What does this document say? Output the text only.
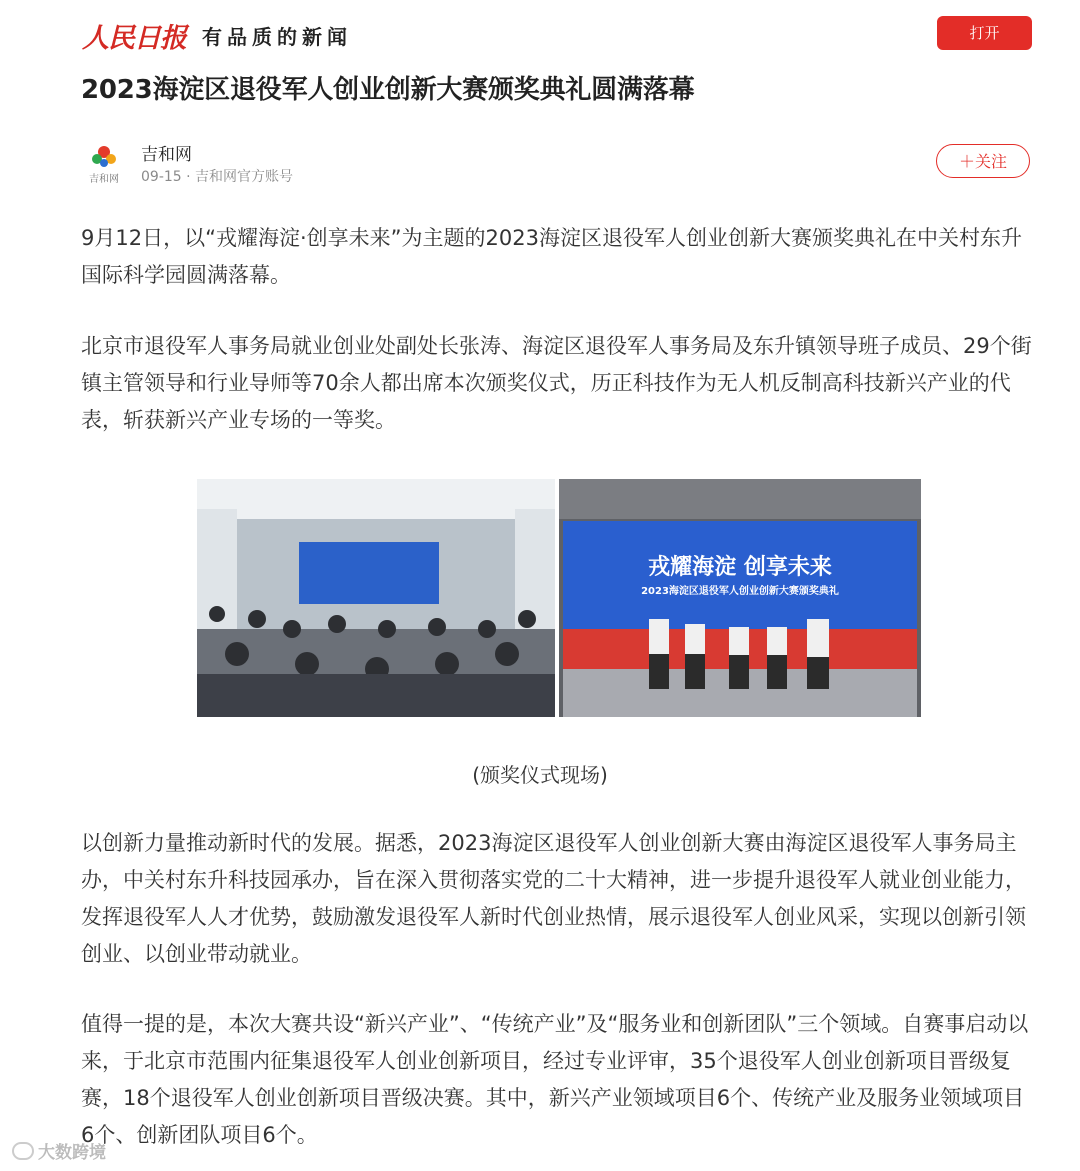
人民日报 有品质的新闻	打开
2023海淀区退役军人创业创新大赛颁奖典礼圆满落幕
吉和网
吉和网
09-15 · 吉和网官方账号
＋关注

9月12日，以“戎耀海淀·创享未来”为主题的2023海淀区退役军人创业创新大赛颁奖典礼在中关村东升国际科学园圆满落幕。

北京市退役军人事务局就业创业处副处长张涛、海淀区退役军人事务局及东升镇领导班子成员、29个街镇主管领导和行业导师等70余人都出席本次颁奖仪式，历正科技作为无人机反制高科技新兴产业的代表，斩获新兴产业专场的一等奖。

戎耀海淀 创享未来
2023海淀区退役军人创业创新大赛颁奖典礼
(颁奖仪式现场)

以创新力量推动新时代的发展。据悉，2023海淀区退役军人创业创新大赛由海淀区退役军人事务局主办，中关村东升科技园承办，旨在深入贯彻落实党的二十大精神，进一步提升退役军人就业创业能力，发挥退役军人人才优势，鼓励激发退役军人新时代创业热情，展示退役军人创业风采，实现以创新引领创业、以创业带动就业。

值得一提的是，本次大赛共设“新兴产业”、“传统产业”及“服务业和创新团队”三个领域。自赛事启动以来，于北京市范围内征集退役军人创业创新项目，经过专业评审，35个退役军人创业创新项目晋级复赛，18个退役军人创业创新项目晋级决赛。其中，新兴产业领域项目6个、传统产业及服务业领域项目6个、创新团队项目6个。

大数跨境
